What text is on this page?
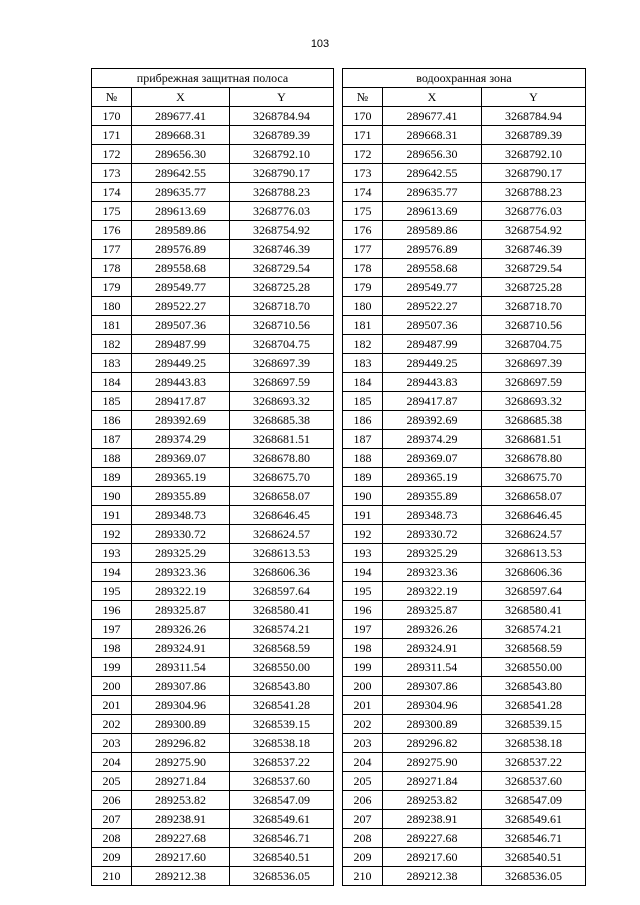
103
прибрежная защитная полоса		
№	X	Y
170	289677.41	3268784.94
171	289668.31	3268789.39
172	289656.30	3268792.10
173	289642.55	3268790.17
174	289635.77	3268788.23
175	289613.69	3268776.03
176	289589.86	3268754.92
177	289576.89	3268746.39
178	289558.68	3268729.54
179	289549.77	3268725.28
180	289522.27	3268718.70
181	289507.36	3268710.56
182	289487.99	3268704.75
183	289449.25	3268697.39
184	289443.83	3268697.59
185	289417.87	3268693.32
186	289392.69	3268685.38
187	289374.29	3268681.51
188	289369.07	3268678.80
189	289365.19	3268675.70
190	289355.89	3268658.07
191	289348.73	3268646.45
192	289330.72	3268624.57
193	289325.29	3268613.53
194	289323.36	3268606.36
195	289322.19	3268597.64
196	289325.87	3268580.41
197	289326.26	3268574.21
198	289324.91	3268568.59
199	289311.54	3268550.00
200	289307.86	3268543.80
201	289304.96	3268541.28
202	289300.89	3268539.15
203	289296.82	3268538.18
204	289275.90	3268537.22
205	289271.84	3268537.60
206	289253.82	3268547.09
207	289238.91	3268549.61
208	289227.68	3268546.71
209	289217.60	3268540.51
210	289212.38	3268536.05
водоохранная зона		
№	X	Y
170	289677.41	3268784.94
171	289668.31	3268789.39
172	289656.30	3268792.10
173	289642.55	3268790.17
174	289635.77	3268788.23
175	289613.69	3268776.03
176	289589.86	3268754.92
177	289576.89	3268746.39
178	289558.68	3268729.54
179	289549.77	3268725.28
180	289522.27	3268718.70
181	289507.36	3268710.56
182	289487.99	3268704.75
183	289449.25	3268697.39
184	289443.83	3268697.59
185	289417.87	3268693.32
186	289392.69	3268685.38
187	289374.29	3268681.51
188	289369.07	3268678.80
189	289365.19	3268675.70
190	289355.89	3268658.07
191	289348.73	3268646.45
192	289330.72	3268624.57
193	289325.29	3268613.53
194	289323.36	3268606.36
195	289322.19	3268597.64
196	289325.87	3268580.41
197	289326.26	3268574.21
198	289324.91	3268568.59
199	289311.54	3268550.00
200	289307.86	3268543.80
201	289304.96	3268541.28
202	289300.89	3268539.15
203	289296.82	3268538.18
204	289275.90	3268537.22
205	289271.84	3268537.60
206	289253.82	3268547.09
207	289238.91	3268549.61
208	289227.68	3268546.71
209	289217.60	3268540.51
210	289212.38	3268536.05
